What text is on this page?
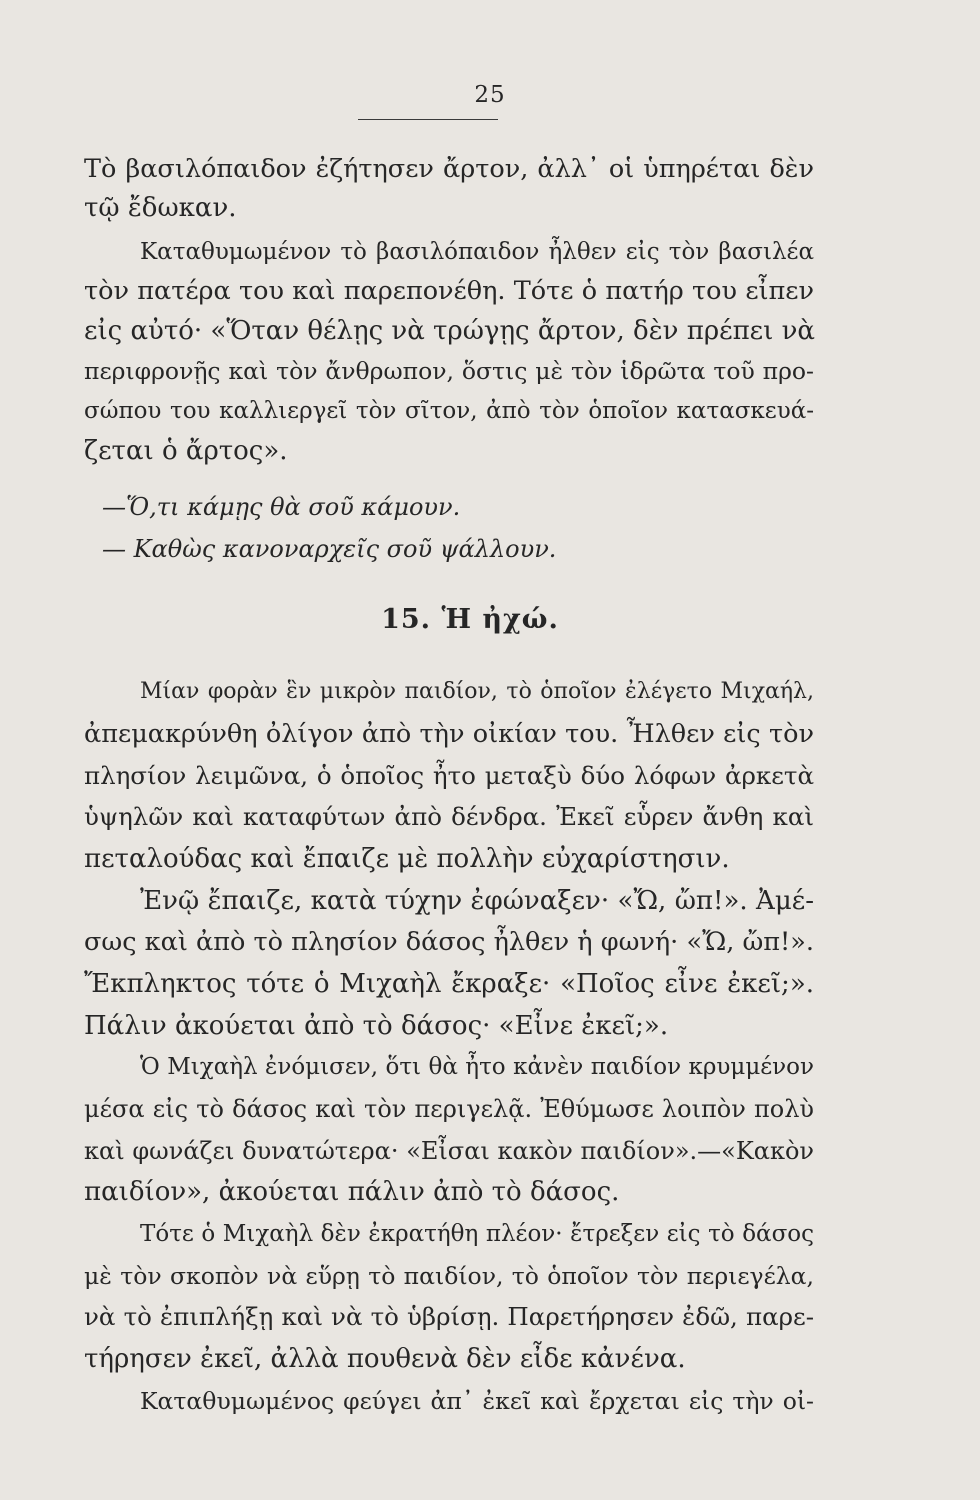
25
Τὸ βασιλόπαιδον ἐζήτησεν ἄρτον, ἀλλ᾽ οἱ ὑπηρέται δὲν
τῷ ἔδωκαν.
Καταθυμωμένον τὸ βασιλόπαιδον ἦλθεν εἰς τὸν βασιλέα
τὸν πατέρα του καὶ παρεπονέθη. Τότε ὁ πατήρ του εἶπεν
εἰς αὐτό· «Ὅταν θέλῃς νὰ τρώγῃς ἄρτον, δὲν πρέπει νὰ
περιφρονῇς καὶ τὸν ἄνθρωπον, ὅστις μὲ τὸν ἱδρῶτα τοῦ προ-
σώπου του καλλιεργεῖ τὸν σῖτον, ἀπὸ τὸν ὁποῖον κατασκευά-
ζεται ὁ ἄρτος».
—Ὅ,τι κάμῃς θὰ σοῦ κάμουν.
— Καθὼς κανοναρχεῖς σοῦ ψάλλουν.
15. Ἡ ἠχώ.
Μίαν φορὰν ἓν μικρὸν παιδίον, τὸ ὁποῖον ἐλέγετο Μιχαήλ,
ἀπεμακρύνθη ὀλίγον ἀπὸ τὴν οἰκίαν του. Ἦλθεν εἰς τὸν
πλησίον λειμῶνα, ὁ ὁποῖος ἦτο μεταξὺ δύο λόφων ἀρκετὰ
ὑψηλῶν καὶ καταφύτων ἀπὸ δένδρα. Ἐκεῖ εὗρεν ἄνθη καὶ
πεταλούδας καὶ ἔπαιζε μὲ πολλὴν εὐχαρίστησιν.
Ἐνῷ ἔπαιζε, κατὰ τύχην ἐφώναξεν· «Ὤ, ὤπ!». Ἀμέ-
σως καὶ ἀπὸ τὸ πλησίον δάσος ἦλθεν ἡ φωνή· «Ὤ, ὤπ!».
Ἔκπληκτος τότε ὁ Μιχαὴλ ἔκραξε· «Ποῖος εἶνε ἐκεῖ;».
Πάλιν ἀκούεται ἀπὸ τὸ δάσος· «Εἶνε ἐκεῖ;».
Ὁ Μιχαὴλ ἐνόμισεν, ὅτι θὰ ἦτο κἀνὲν παιδίον κρυμμένον
μέσα εἰς τὸ δάσος καὶ τὸν περιγελᾷ. Ἐθύμωσε λοιπὸν πολὺ
καὶ φωνάζει δυνατώτερα· «Εἶσαι κακὸν παιδίον».—«Κακὸν
παιδίον», ἀκούεται πάλιν ἀπὸ τὸ δάσος.
Τότε ὁ Μιχαὴλ δὲν ἐκρατήθη πλέον· ἔτρεξεν εἰς τὸ δάσος
μὲ τὸν σκοπὸν νὰ εὕρῃ τὸ παιδίον, τὸ ὁποῖον τὸν περιεγέλα,
νὰ τὸ ἐπιπλήξῃ καὶ νὰ τὸ ὑβρίσῃ. Παρετήρησεν ἐδῶ, παρε-
τήρησεν ἐκεῖ, ἀλλὰ πουθενὰ δὲν εἶδε κἀνένα.
Καταθυμωμένος φεύγει ἀπ᾽ ἐκεῖ καὶ ἔρχεται εἰς τὴν οἰ-
